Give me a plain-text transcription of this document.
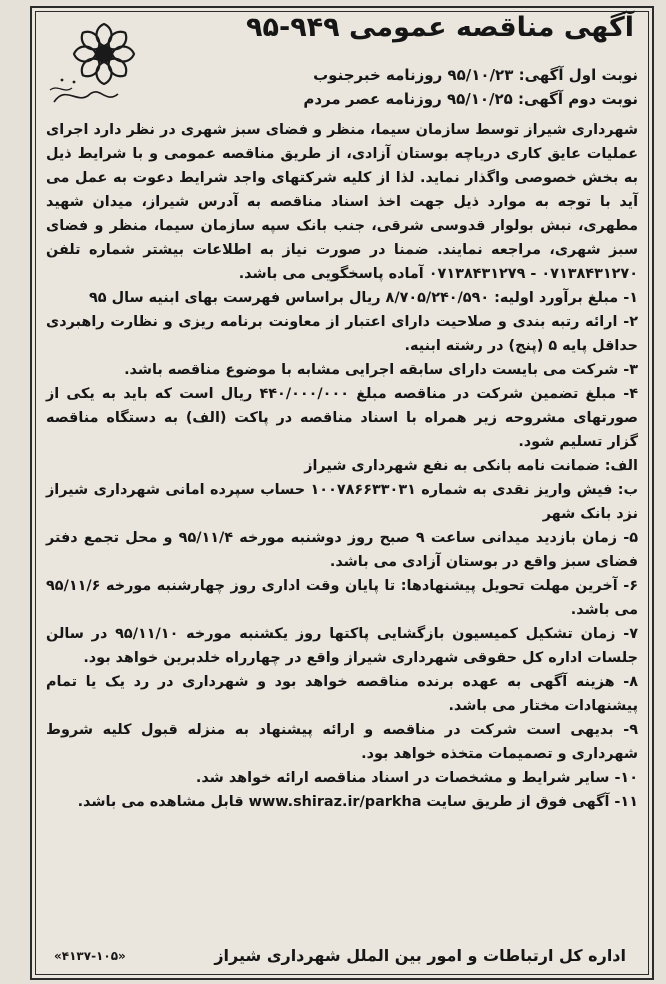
آگهی مناقصه عمومی ۹۴۹-۹۵
نوبت اول آگهی: ۹۵/۱۰/۲۳ روزنامه خبرجنوب
نوبت دوم آگهی: ۹۵/۱۰/۲۵ روزنامه عصر مردم

شهرداری شیراز توسط سازمان سیما، منظر و فضای سبز شهری در نظر دارد اجرای عملیات عایق کاری دریاچه بوستان آزادی، از طریق مناقصه عمومی و با شرایط ذیل به بخش خصوصی واگذار نماید. لذا از کلیه شرکتهای واجد شرایط دعوت به عمل می آید با توجه به موارد ذیل جهت اخذ اسناد مناقصه به آدرس شیراز، میدان شهید مطهری، نبش بولوار قدوسی شرقی، جنب بانک سپه سازمان سیما، منظر و فضای سبز شهری، مراجعه نمایند. ضمنا در صورت نیاز به اطلاعات بیشتر شماره تلفن ۰۷۱۳۸۴۳۱۲۷۰ - ۰۷۱۳۸۴۳۱۲۷۹ آماده پاسخگویی می باشد.

۱- مبلغ برآورد اولیه: ۸/۷۰۵/۲۴۰/۵۹۰ ریال براساس فهرست بهای ابنیه سال ۹۵

۲- ارائه رتبه بندی و صلاحیت دارای اعتبار از معاونت برنامه ریزی و نظارت راهبردی حداقل پایه ۵ (پنج) در رشته ابنیه.

۳- شرکت می بایست دارای سابقه اجرایی مشابه با موضوع مناقصه باشد.

۴- مبلغ تضمین شرکت در مناقصه مبلغ ۴۴۰/۰۰۰/۰۰۰ ریال است که باید به یکی از صورتهای مشروحه زیر همراه با اسناد مناقصه در پاکت (الف) به دستگاه مناقصه گزار تسلیم شود.

الف: ضمانت نامه بانکی به نفع شهرداری شیراز

ب: فیش واریز نقدی به شماره ۱۰۰۷۸۶۶۳۳۰۳۱ حساب سپرده امانی شهرداری شیراز نزد بانک شهر

۵- زمان بازدید میدانی ساعت ۹ صبح روز دوشنبه مورخه ۹۵/۱۱/۴ و محل تجمع دفتر فضای سبز واقع در بوستان آزادی می باشد.

۶- آخرین مهلت تحویل پیشنهادها: تا پایان وقت اداری روز چهارشنبه مورخه ۹۵/۱۱/۶ می باشد.

۷- زمان تشکیل کمیسیون بازگشایی پاکتها روز یکشنبه مورخه ۹۵/۱۱/۱۰ در سالن جلسات اداره کل حقوقی شهرداری شیراز واقع در چهارراه خلدبرین خواهد بود.

۸- هزینه آگهی به عهده برنده مناقصه خواهد بود و شهرداری در رد یک یا تمام پیشنهادات مختار می باشد.

۹- بدیهی است شرکت در مناقصه و ارائه پیشنهاد به منزله قبول کلیه شروط شهرداری و تصمیمات متخذه خواهد بود.

۱۰- سایر شرایط و مشخصات در اسناد مناقصه ارائه خواهد شد.

۱۱- آگهی فوق از طریق سایت www.shiraz.ir/parkha قابل مشاهده می باشد.

اداره کل ارتباطات و امور بین الملل شهرداری شیراز
«۴۱۳۷-۱۰۵»
